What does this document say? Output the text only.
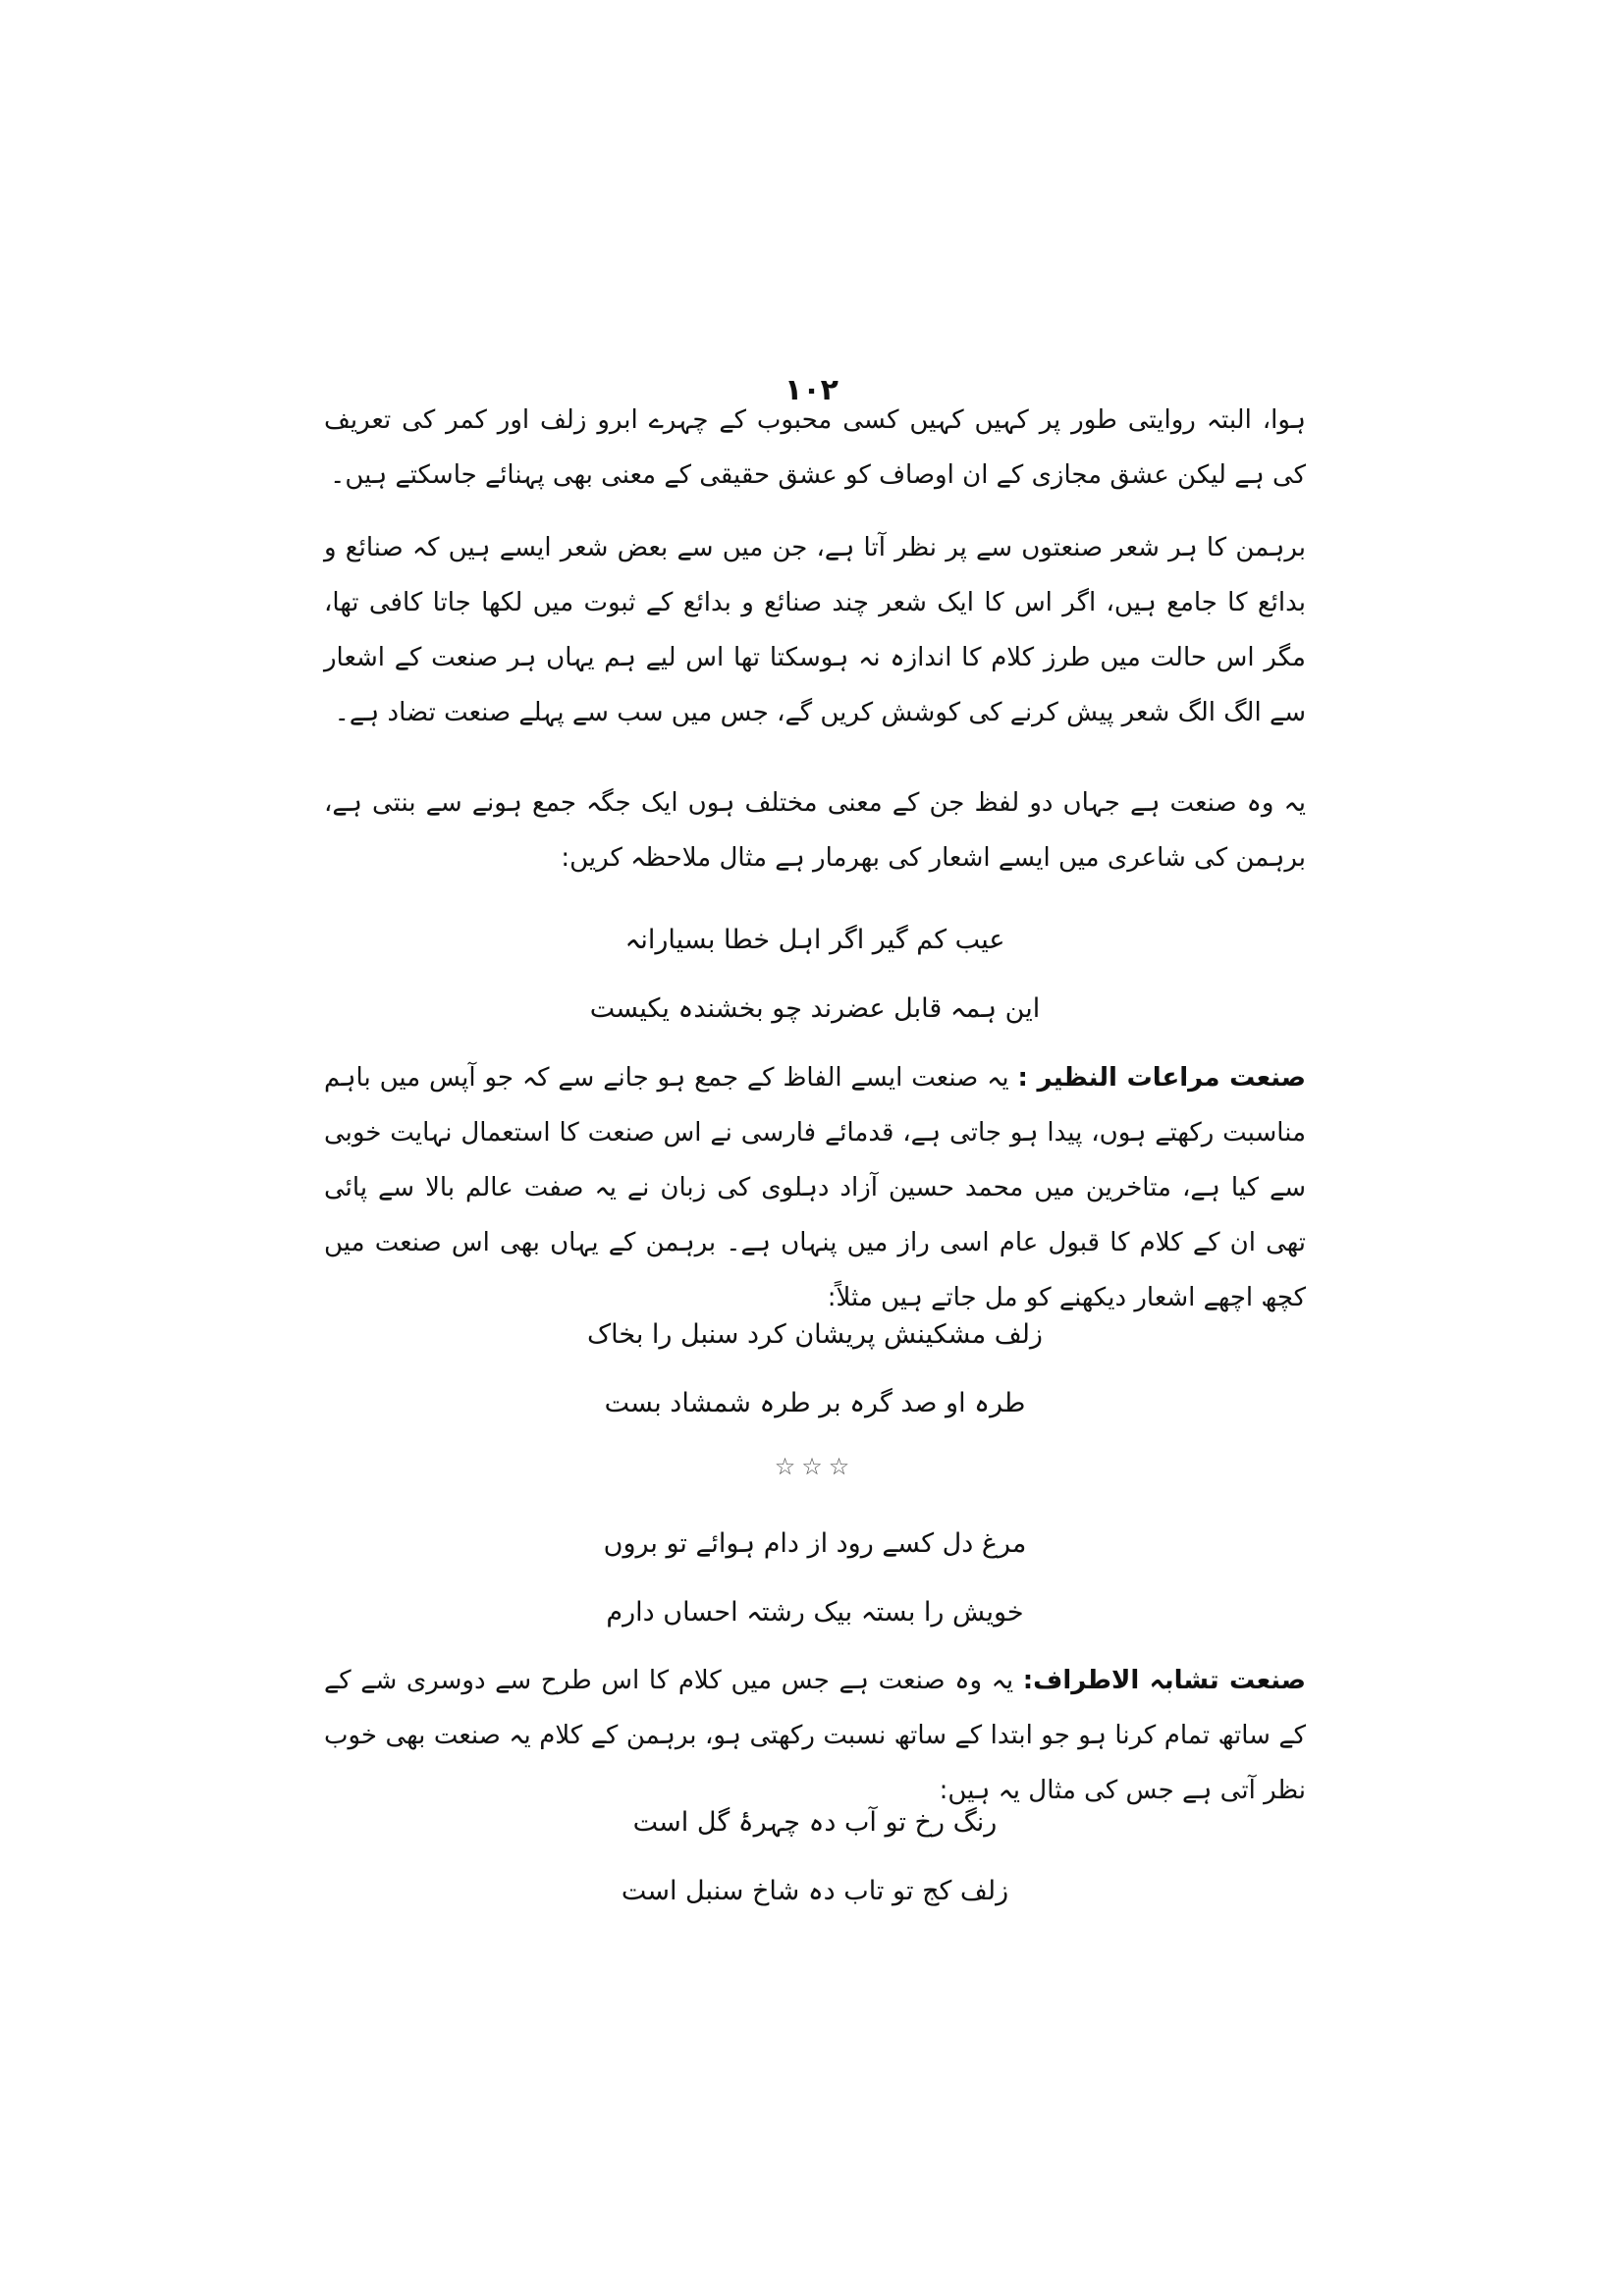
١٠٢

ہوا، البتہ روایتی طور پر کہیں کہیں کسی محبوب کے چہرے ابرو زلف اور کمر کی تعریف کی ہے لیکن عشق مجازی کے ان اوصاف کو عشق حقیقی کے معنی بھی پہنائے جاسکتے ہیں۔

برہمن کا ہر شعر صنعتوں سے پر نظر آتا ہے، جن میں سے بعض شعر ایسے ہیں کہ صنائع و بدائع کا جامع ہیں، اگر اس کا ایک شعر چند صنائع و بدائع کے ثبوت میں لکھا جاتا کافی تھا، مگر اس حالت میں طرز کلام کا اندازہ نہ ہوسکتا تھا اس لیے ہم یہاں ہر صنعت کے اشعار سے الگ الگ شعر پیش کرنے کی کوشش کریں گے، جس میں سب سے پہلے صنعت تضاد ہے۔

یہ وہ صنعت ہے جہاں دو لفظ جن کے معنی مختلف ہوں ایک جگہ جمع ہونے سے بنتی ہے، برہمن کی شاعری میں ایسے اشعار کی بھرمار ہے مثال ملاحظہ کریں:

عیب کم گیر اگر اہل خطا بسیارانہ
این ہمہ قابل عضرند چو بخشندہ یکیست

صنعت مراعات النظیر : یہ صنعت ایسے الفاظ کے جمع ہو جانے سے کہ جو آپس میں باہم مناسبت رکھتے ہوں، پیدا ہو جاتی ہے، قدمائے فارسی نے اس صنعت کا استعمال نہایت خوبی سے کیا ہے، متاخرین میں محمد حسین آزاد دہلوی کی زبان نے یہ صفت عالم بالا سے پائی تھی ان کے کلام کا قبول عام اسی راز میں پنہاں ہے۔ برہمن کے یہاں بھی اس صنعت میں کچھ اچھے اشعار دیکھنے کو مل جاتے ہیں مثلاً:

زلف مشکینش پریشان کرد سنبل را بخاک
طرہ او صد گرہ بر طرہ شمشاد بست
☆☆☆
مرغ دل کسے رود از دام ہوائے تو بروں
خویش را بستہ بیک رشتہ احساں دارم

صنعت تشابہ الاطراف: یہ وہ صنعت ہے جس میں کلام کا اس طرح سے دوسری شے کے کے ساتھ تمام کرنا ہو جو ابتدا کے ساتھ نسبت رکھتی ہو، برہمن کے کلام یہ صنعت بھی خوب نظر آتی ہے جس کی مثال یہ ہیں:

رنگ رخ تو آب دہ چہرۂ گل است
زلف کج تو تاب دہ شاخ سنبل است
